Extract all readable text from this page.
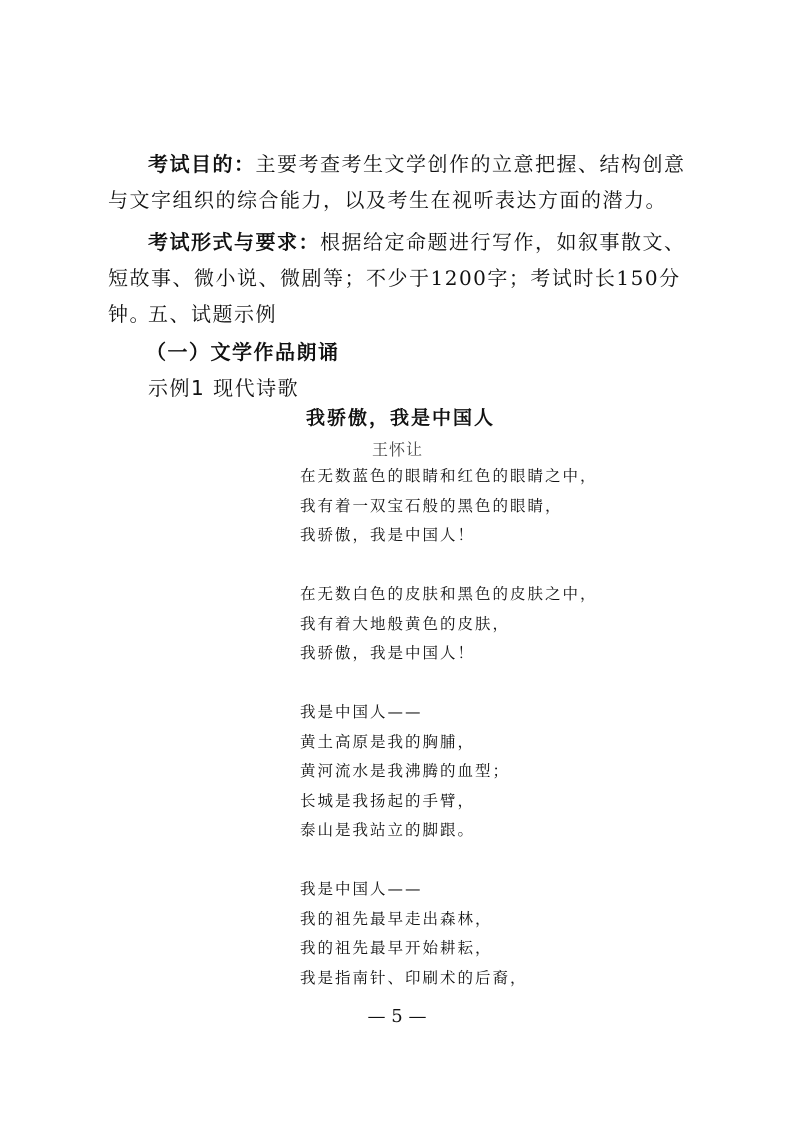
考试目的：主要考查考生文学创作的立意把握、结构创意与文字组织的综合能力，以及考生在视听表达方面的潜力。
考试形式与要求：根据给定命题进行写作，如叙事散文、短故事、微小说、微剧等；不少于1200字；考试时长150分钟。
五、试题示例
（一）文学作品朗诵
示例1 现代诗歌
我骄傲，我是中国人
王怀让
在无数蓝色的眼睛和红色的眼睛之中，
我有着一双宝石般的黑色的眼睛，
我骄傲，我是中国人！
在无数白色的皮肤和黑色的皮肤之中，
我有着大地般黄色的皮肤，
我骄傲，我是中国人！
我是中国人——
黄土高原是我的胸脯，
黄河流水是我沸腾的血型；
长城是我扬起的手臂，
泰山是我站立的脚跟。
我是中国人——
我的祖先最早走出森林，
我的祖先最早开始耕耘，
我是指南针、印刷术的后裔，
— 5 —
